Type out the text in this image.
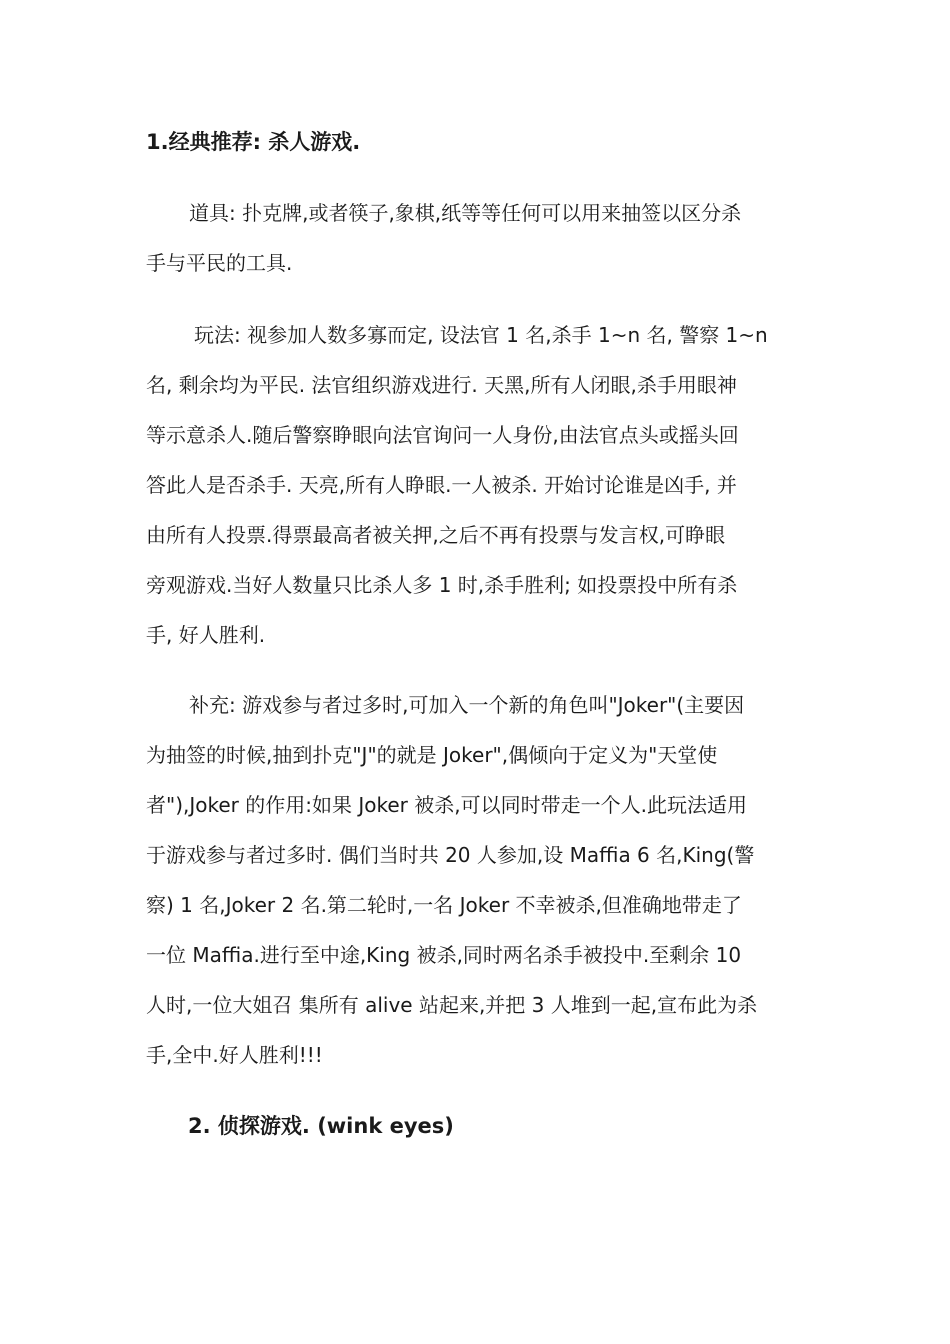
1.经典推荐: 杀人游戏.
道具: 扑克牌,或者筷子,象棋,纸等等任何可以用来抽签以区分杀
手与平民的工具.
玩法: 视参加人数多寡而定, 设法官 1 名,杀手 1~n 名, 警察 1~n
名, 剩余均为平民. 法官组织游戏进行. 天黑,所有人闭眼,杀手用眼神
等示意杀人.随后警察睁眼向法官询问一人身份,由法官点头或摇头回
答此人是否杀手. 天亮,所有人睁眼.一人被杀. 开始讨论谁是凶手, 并
由所有人投票.得票最高者被关押,之后不再有投票与发言权,可睁眼
旁观游戏.当好人数量只比杀人多 1 时,杀手胜利; 如投票投中所有杀
手, 好人胜利.
补充: 游戏参与者过多时,可加入一个新的角色叫"Joker"(主要因
为抽签的时候,抽到扑克"J"的就是 Joker",偶倾向于定义为"天堂使
者"),Joker 的作用:如果 Joker 被杀,可以同时带走一个人.此玩法适用
于游戏参与者过多时. 偶们当时共 20 人参加,设 Maffia 6 名,King(警
察) 1 名,Joker 2 名.第二轮时,一名 Joker 不幸被杀,但准确地带走了
一位 Maffia.进行至中途,King 被杀,同时两名杀手被投中.至剩余 10
人时,一位大姐召 集所有 alive 站起来,并把 3 人堆到一起,宣布此为杀
手,全中.好人胜利!!!
2. 侦探游戏. (wink eyes)
